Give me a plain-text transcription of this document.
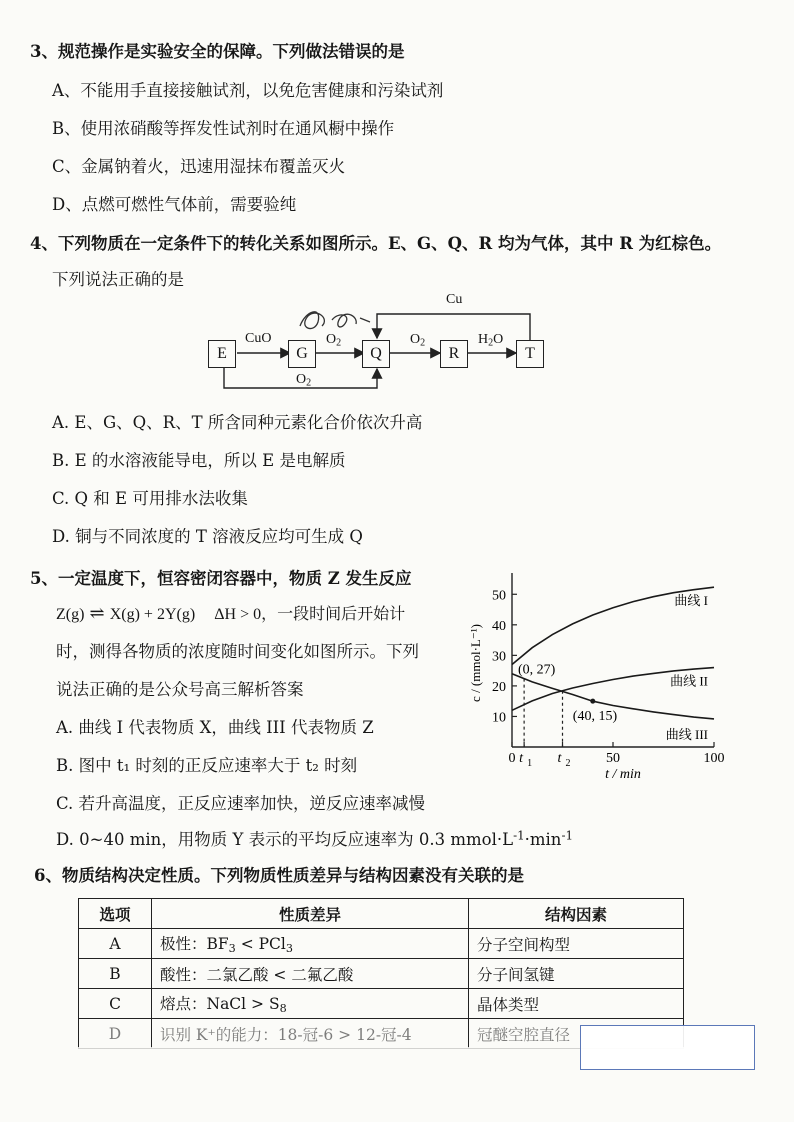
3、规范操作是实验安全的保障。下列做法错误的是
A、不能用手直接接触试剂，以免危害健康和污染试剂
B、使用浓硝酸等挥发性试剂时在通风橱中操作
C、金属钠着火，迅速用湿抹布覆盖灭火
D、点燃可燃性气体前，需要验纯
4、下列物质在一定条件下的转化关系如图所示。E、G、Q、R 均为气体，其中 R 为红棕色。
下列说法正确的是
E	G	Q	R	T
CuO	$O_2$	$O_2$	$H_2O$
Cu
$O_2$
A. E、G、Q、R、T 所含同种元素化合价依次升高
B. E 的水溶液能导电，所以 E 是电解质
C. Q 和 E 可用排水法收集
D. 铜与不同浓度的 T 溶液反应均可生成 Q
5、一定温度下，恒容密闭容器中，物质 Z 发生反应
Z(g) ⇌ X(g) + 2Y(g) ΔH > 0，一段时间后开始计
时，测得各物质的浓度随时间变化如图所示。下列
说法正确的是公众号高三解析答案
A. 曲线 I 代表物质 X，曲线 III 代表物质 Z
B. 图中 t₁ 时刻的正反应速率大于 t₂ 时刻
C. 若升高温度，正反应速率加快，逆反应速率减慢
D. 0~40 min，用物质 Y 表示的平均反应速率为 0.3 $mmol\cdot L^{-1}\cdot\min^{-1}$
50
40
30
20
10
0 t 1 t 2	50	100
t / min
c / (mmol·L⁻¹)
曲线 I
曲线 II
曲线 III
(0, 27)
(40, 15)
6、物质结构决定性质。下列物质性质差异与结构因素没有关联的是
选项	性质差异	结构因素
A	极性：$BF_3 < PCl_3$	分子空间构型
B	酸性：二氯乙酸 < 二氟乙酸	分子间氢键
C	熔点：NaCl > $S_8$	晶体类型
D	识别 K⁺的能力：18-冠-6 > 12-冠-4	冠醚空腔直径
